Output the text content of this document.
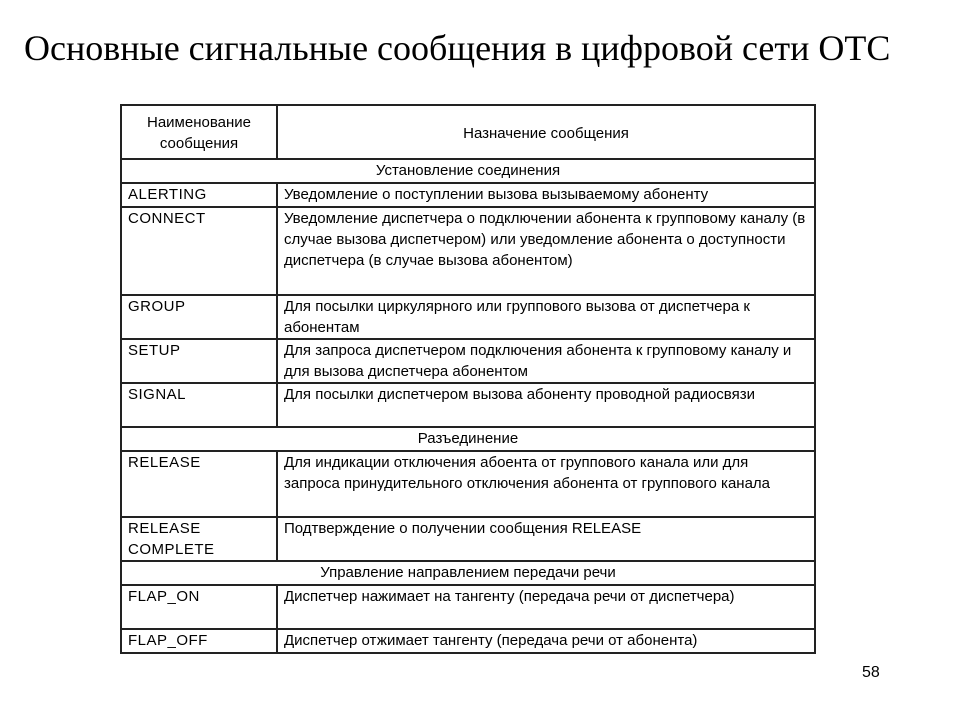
Основные сигнальные сообщения в цифровой сети ОТС
Наименование сообщения	Назначение сообщения
Установление соединения	
ALERTING	Уведомление о поступлении вызова вызываемому абоненту
CONNECT	Уведомление диспетчера о подключении абонента к групповому каналу (в случае вызова диспетчером) или уведомление абонента о доступности диспетчера (в случае вызова абонентом)
GROUP	Для посылки циркулярного или группового вызова от диспетчера к абонентам
SETUP	Для запроса диспетчером подключения абонента к групповому каналу и для вызова диспетчера абонентом
SIGNAL	Для посылки диспетчером вызова абоненту проводной радиосвязи
Разъединение	
RELEASE	Для индикации отключения абоента от группового канала или для запроса принудительного отключения абонента от группового канала
RELEASE COMPLETE	Подтверждение о получении сообщения RELEASE
Управление направлением передачи речи	
FLAP_ON	Диспетчер нажимает на тангенту (передача речи от диспетчера)
FLAP_OFF	Диспетчер отжимает тангенту (передача речи от абонента)
58
